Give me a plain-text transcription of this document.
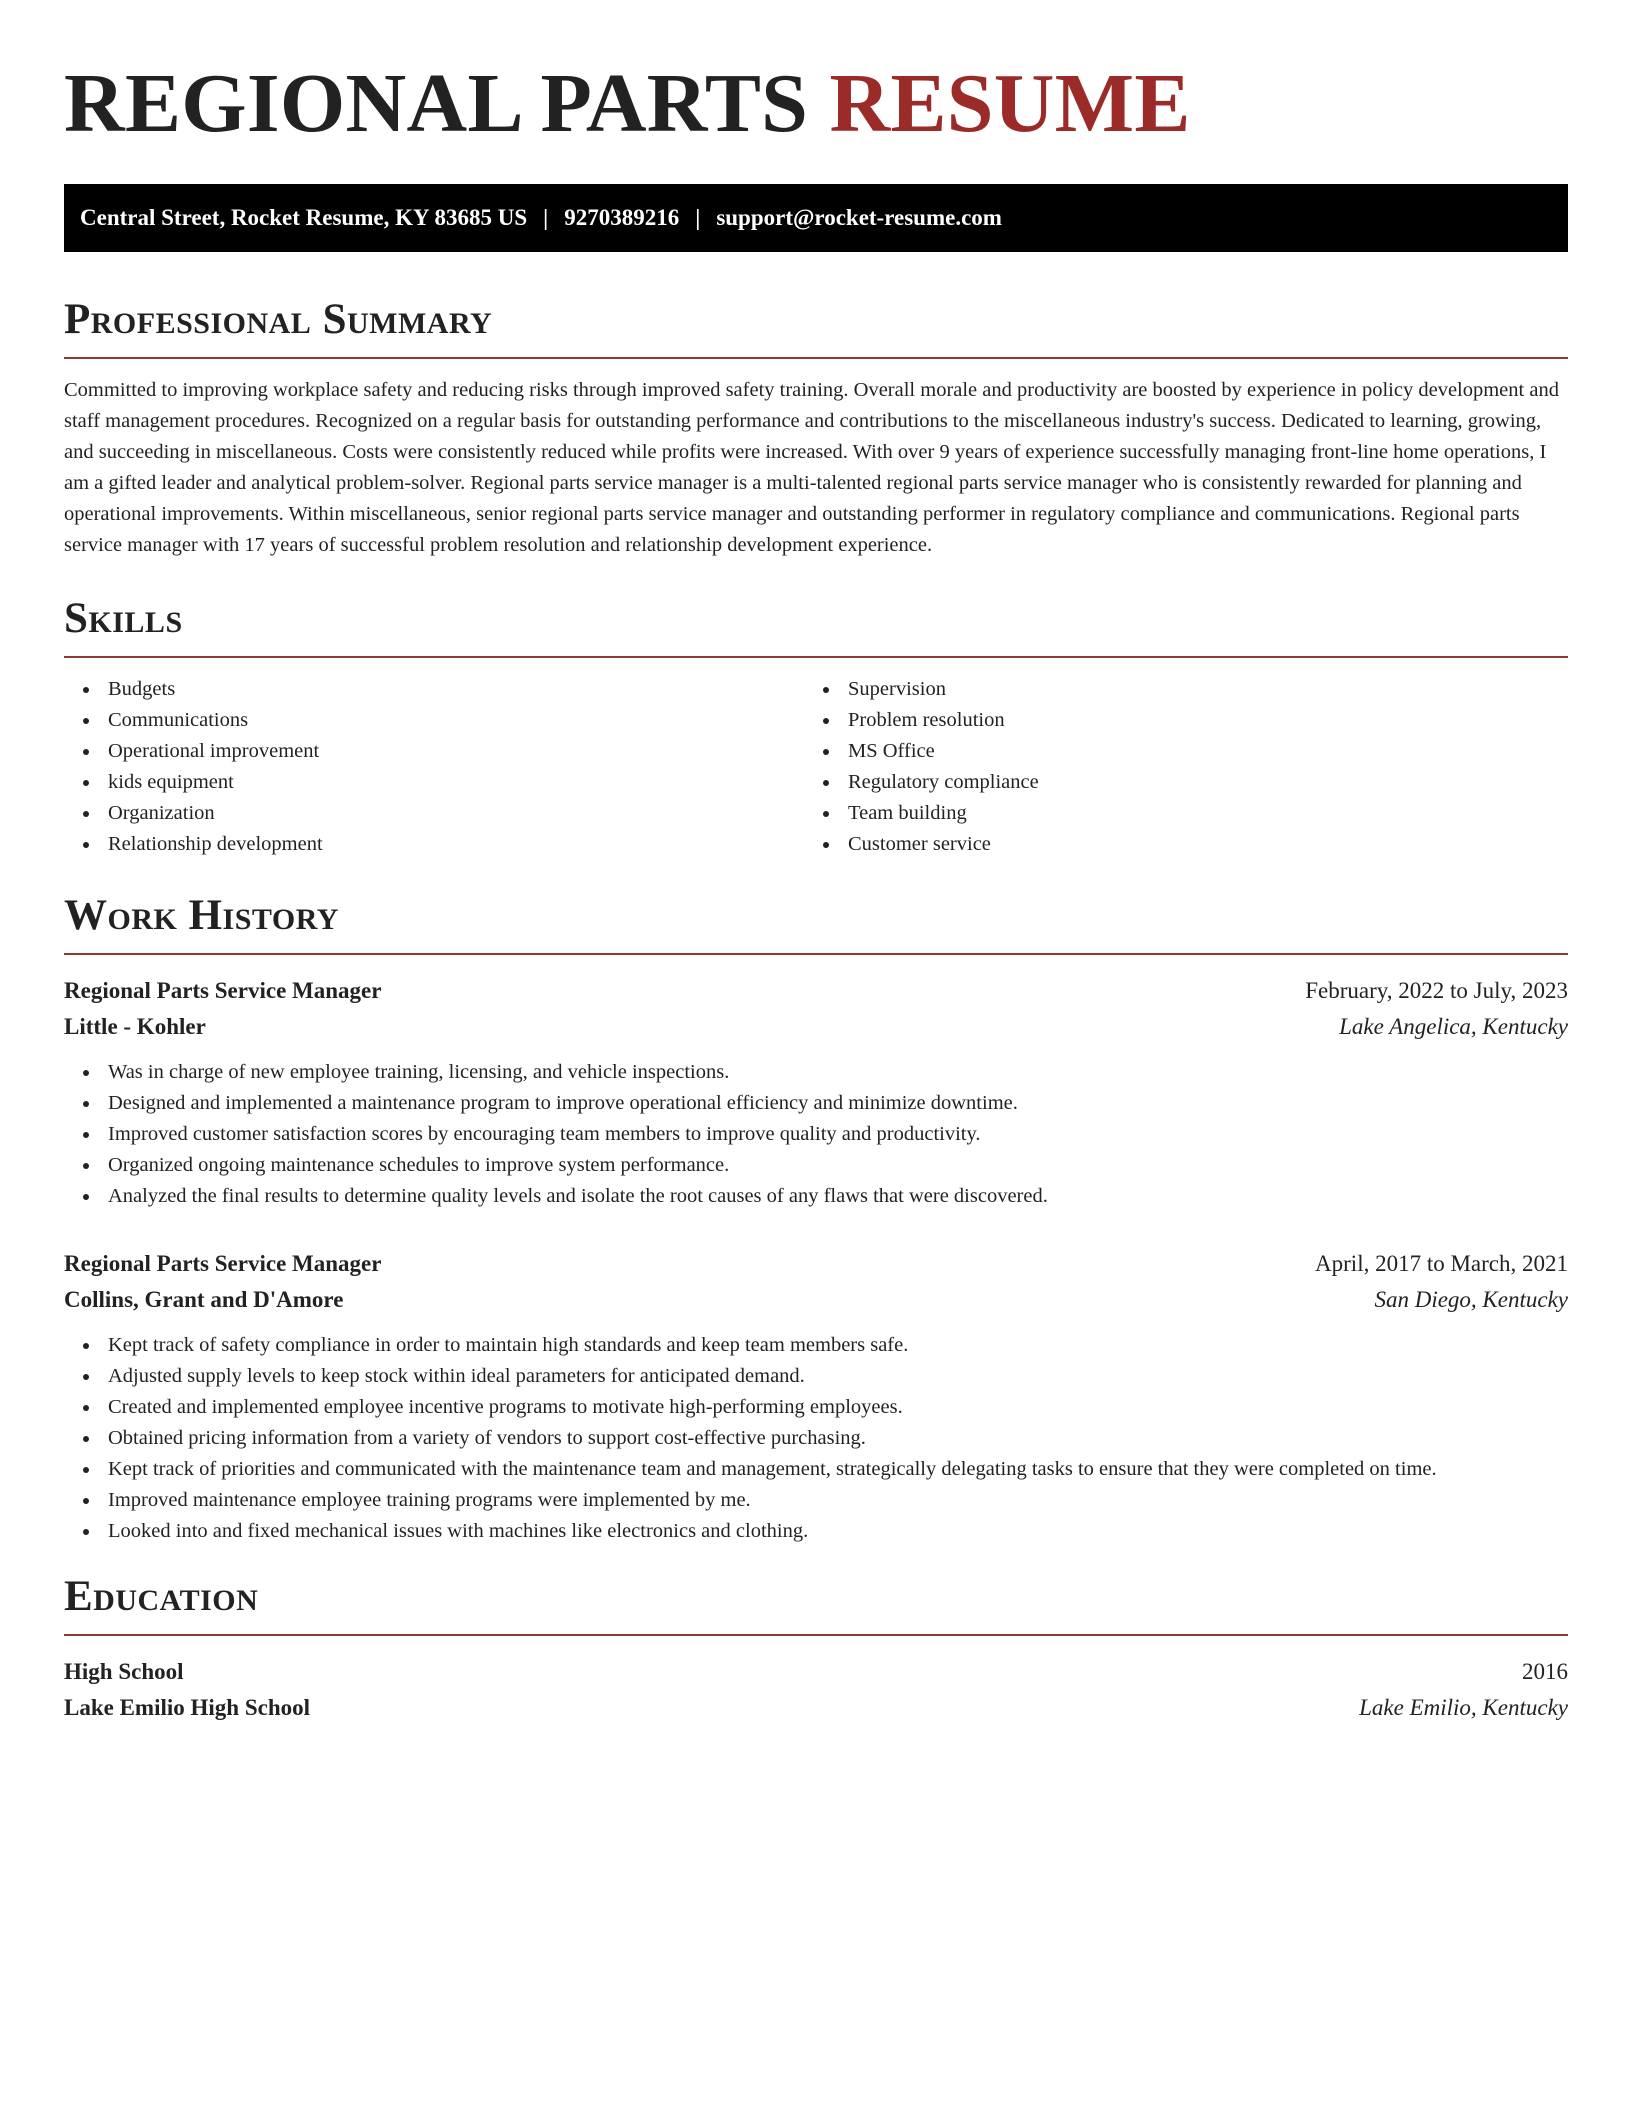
REGIONAL PARTS RESUME
Central Street, Rocket Resume, KY 83685 US | 9270389216 | support@rocket-resume.com
Professional Summary

Committed to improving workplace safety and reducing risks through improved safety training. Overall morale and productivity are boosted by experience in policy development and staff management procedures. Recognized on a regular basis for outstanding performance and contributions to the miscellaneous industry's success. Dedicated to learning, growing, and succeeding in miscellaneous. Costs were consistently reduced while profits were increased. With over 9 years of experience successfully managing front-line home operations, I am a gifted leader and analytical problem-solver. Regional parts service manager is a multi-talented regional parts service manager who is consistently rewarded for planning and operational improvements. Within miscellaneous, senior regional parts service manager and outstanding performer in regulatory compliance and communications. Regional parts service manager with 17 years of successful problem resolution and relationship development experience.

Skills
Budgets
Communications
Operational improvement
kids equipment
Organization
Relationship development
Supervision
Problem resolution
MS Office
Regulatory compliance
Team building
Customer service
Work History
Regional Parts Service Manager	February, 2022 to July, 2023
Little - Kohler	Lake Angelica, Kentucky
Was in charge of new employee training, licensing, and vehicle inspections.
Designed and implemented a maintenance program to improve operational efficiency and minimize downtime.
Improved customer satisfaction scores by encouraging team members to improve quality and productivity.
Organized ongoing maintenance schedules to improve system performance.
Analyzed the final results to determine quality levels and isolate the root causes of any flaws that were discovered.
Regional Parts Service Manager	April, 2017 to March, 2021
Collins, Grant and D'Amore	San Diego, Kentucky
Kept track of safety compliance in order to maintain high standards and keep team members safe.
Adjusted supply levels to keep stock within ideal parameters for anticipated demand.
Created and implemented employee incentive programs to motivate high-performing employees.
Obtained pricing information from a variety of vendors to support cost-effective purchasing.
Kept track of priorities and communicated with the maintenance team and management, strategically delegating tasks to ensure that they were completed on time.
Improved maintenance employee training programs were implemented by me.
Looked into and fixed mechanical issues with machines like electronics and clothing.
Education
High School	2016
Lake Emilio High School	Lake Emilio, Kentucky
